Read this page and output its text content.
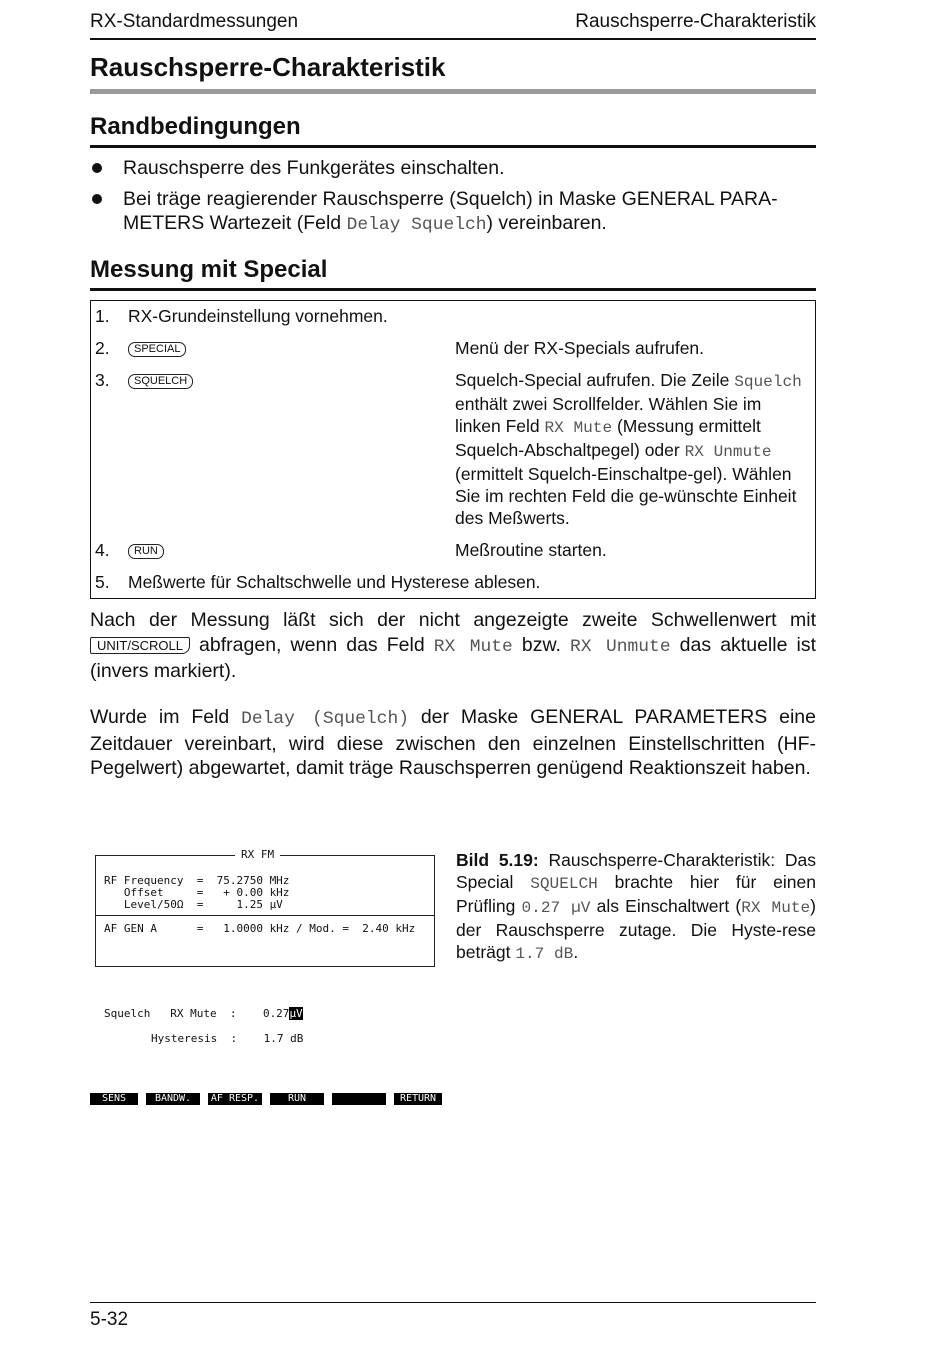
RX-Standardmessungen	Rauschsperre-Charakteristik
Rauschsperre-Charakteristik
Randbedingungen
Rauschsperre des Funkgerätes einschalten.
Bei träge reagierender Rauschsperre (Squelch) in Maske GENERAL PARA-METERS Wartezeit (Feld Delay Squelch) vereinbaren.
Messung mit Special
1. RX-Grundeinstellung vornehmen.
2.	SPECIAL	Menü der RX-Specials aufrufen.
3.	SQUELCH	Squelch-Special aufrufen. Die Zeile Squelch enthält zwei Scrollfelder. Wählen Sie im linken Feld RX Mute (Messung ermittelt Squelch-Abschaltpegel) oder RX Unmute (ermittelt Squelch-Einschaltpe-gel). Wählen Sie im rechten Feld die ge-wünschte Einheit des Meßwerts.
4.	RUN	Meßroutine starten.
5. Meßwerte für Schaltschwelle und Hysterese ablesen.

Nach der Messung läßt sich der nicht angezeigte zweite Schwellenwert mit UNIT/SCROLL abfragen, wenn das Feld RX Mute bzw. RX Unmute das aktuelle ist (invers markiert).

Wurde im Feld Delay (Squelch) der Maske GENERAL PARAMETERS eine Zeitdauer vereinbart, wird diese zwischen den einzelnen Einstellschritten (HF-Pegelwert) abgewartet, damit träge Rauschsperren genügend Reaktionszeit haben.

RX FM
RF Frequency  =  75.2750 MHz
Offset     =   + 0.00 kHz
Level/50Ω  =     1.25 µV
AF GEN A      =   1.0000 kHz / Mod. =  2.40 kHz
Squelch   RX Mute  :    0.27µV
Hysteresis  :    1.7 dB
SENS	BANDW.	AF RESP.	RUN	RETURN
Bild 5.19: Rauschsperre-Charakteristik: Das Special SQUELCH brachte hier für einen Prüfling 0.27 µV als Einschaltwert (RX Mute) der Rauschsperre zutage. Die Hyste-rese beträgt 1.7 dB.
5-32
